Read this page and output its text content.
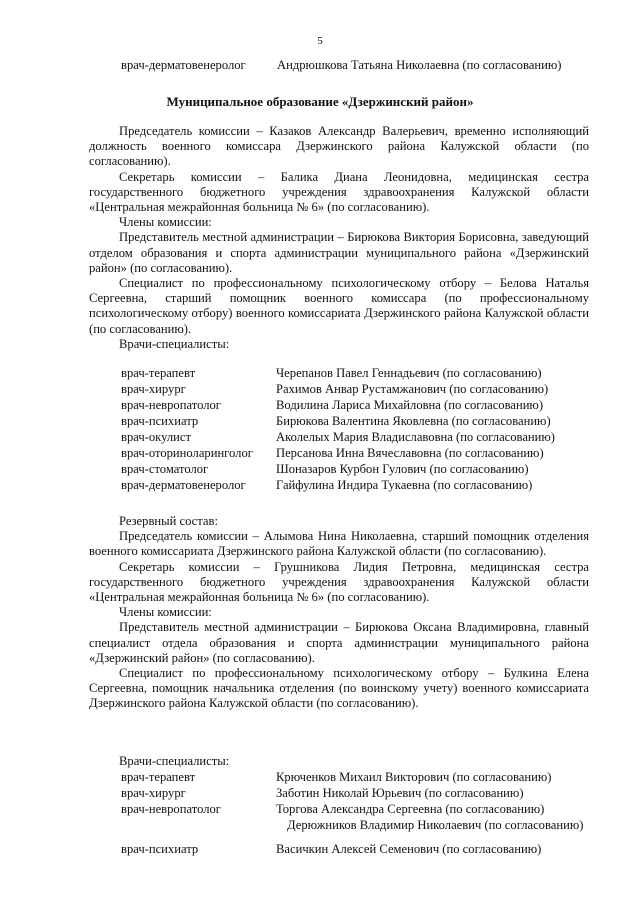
5
врач-дерматовенеролог Андрюшкова Татьяна Николаевна (по согласованию)
Муниципальное образование «Дзержинский район»

Председатель комиссии – Казаков Александр Валерьевич, временно исполняющий должность военного комиссара Дзержинского района Калужской области (по согласованию).

Секретарь комиссии – Балика Диана Леонидовна, медицинская сестра государственного бюджетного учреждения здравоохранения Калужской области «Центральная межрайонная больница № 6» (по согласованию).

Члены комиссии:

Представитель местной администрации – Бирюкова Виктория Борисовна, заведующий отделом образования и спорта администрации муниципального района «Дзержинский район» (по согласованию).

Специалист по профессиональному психологическому отбору – Белова Наталья Сергеевна, старший помощник военного комиссара (по профессиональному психологическому отбору) военного комиссариата Дзержинского района Калужской области (по согласованию).

Врачи-специалисты:

врач-терапевт	Черепанов Павел Геннадьевич (по согласованию)
врач-хирург	Рахимов Анвар Рустамжанович (по согласованию)
врач-невропатолог	Водилина Лариса Михайловна (по согласованию)
врач-психиатр	Бирюкова Валентина Яковлевна (по согласованию)
врач-окулист	Аколелых Мария Владиславовна (по согласованию)
врач-оториноларинголог	Персанова Инна Вячеславовна (по согласованию)
врач-стоматолог	Шоназаров Курбон Гулович (по согласованию)
врач-дерматовенеролог	Гайфулина Индира Тукаевна (по согласованию)

Резервный состав:

Председатель комиссии – Алымова Нина Николаевна, старший помощник отделения военного комиссариата Дзержинского района Калужской области (по согласованию).

Секретарь комиссии – Грушникова Лидия Петровна, медицинская сестра государственного бюджетного учреждения здравоохранения Калужской области «Центральная межрайонная больница № 6» (по согласованию).

Члены комиссии:

Представитель местной администрации – Бирюкова Оксана Владимировна, главный специалист отдела образования и спорта администрации муниципального района «Дзержинский район» (по согласованию).

Специалист по профессиональному психологическому отбору – Булкина Елена Сергеевна, помощник начальника отделения (по воинскому учету) военного комиссариата Дзержинского района Калужской области (по согласованию).

Врачи-специалисты:

врач-терапевт	Крюченков Михаил Викторович (по согласованию)
врач-хирург	Заботин Николай Юрьевич (по согласованию)
врач-невропатолог	Торгова Александра Сергеевна (по согласованию)
Дерюжников Владимир Николаевич (по согласованию)
врач-психиатр	Васичкин Алексей Семенович (по согласованию)
